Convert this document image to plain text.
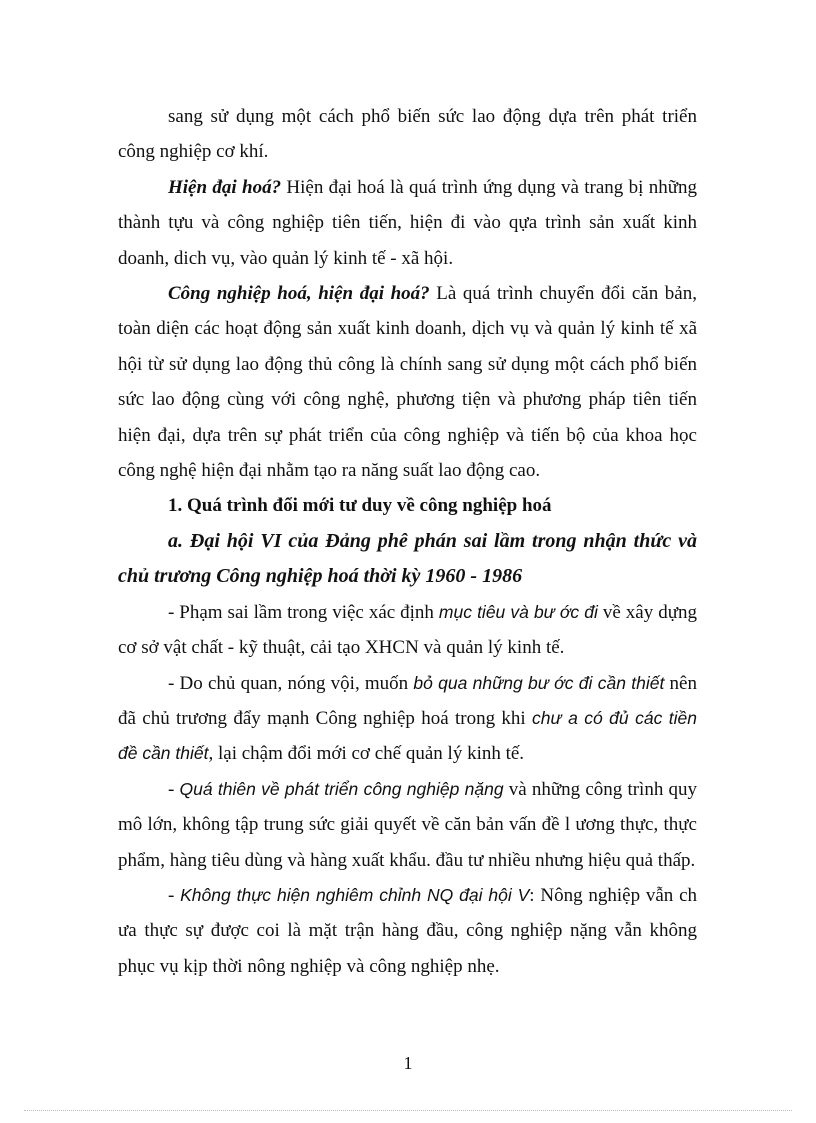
sang sử dụng một cách phổ biến sức lao động dựa trên phát triển công nghiệp cơ khí.

Hiện đại hoá? Hiện đại hoá là quá trình ứng dụng và trang bị những thành tựu và công nghiệp tiên tiến, hiện đi vào qựa trình sản xuất kinh doanh, dich vụ, vào quản lý kinh tế - xã hội.

Công nghiệp hoá, hiện đại hoá? Là quá trình chuyển đổi căn bản, toàn diện các hoạt động sản xuất kinh doanh, dịch vụ và quản lý kinh tế xã hội từ sử dụng lao động thủ công là chính sang sử dụng một cách phổ biến sức lao động cùng với công nghệ, phương tiện và phương pháp tiên tiến hiện đại, dựa trên sự phát triển của công nghiệp và tiến bộ của khoa học công nghệ hiện đại nhằm tạo ra năng suất lao động cao.

1. Quá trình đổi mới tư duy về công nghiệp hoá

a. Đại hội VI của Đảng phê phán sai lầm trong nhận thức và chủ trương Công nghiệp hoá thời kỳ 1960 - 1986

- Phạm sai lầm trong việc xác định mục tiêu và bư ớc đi về xây dựng cơ sở vật chất - kỹ thuật, cải tạo XHCN và quản lý kinh tế.

- Do chủ quan, nóng vội, muốn bỏ qua những bư ớc đi cần thiết nên đã chủ trương đẩy mạnh Công nghiệp hoá trong khi chư a có đủ các tiền đề cần thiết, lại chậm đổi mới cơ chế quản lý kinh tế.

- Quá thiên về phát triển công nghiệp nặng và những công trình quy mô lớn, không tập trung sức giải quyết về căn bản vấn đề l ương thực, thực phẩm, hàng tiêu dùng và hàng xuất khẩu. đầu tư nhiều nhưng hiệu quả thấp.

- Không thực hiện nghiêm chỉnh NQ đại hội V: Nông nghiệp vẫn ch ưa thực sự được coi là mặt trận hàng đầu, công nghiệp nặng vẫn không phục vụ kịp thời nông nghiệp và công nghiệp nhẹ.

1
